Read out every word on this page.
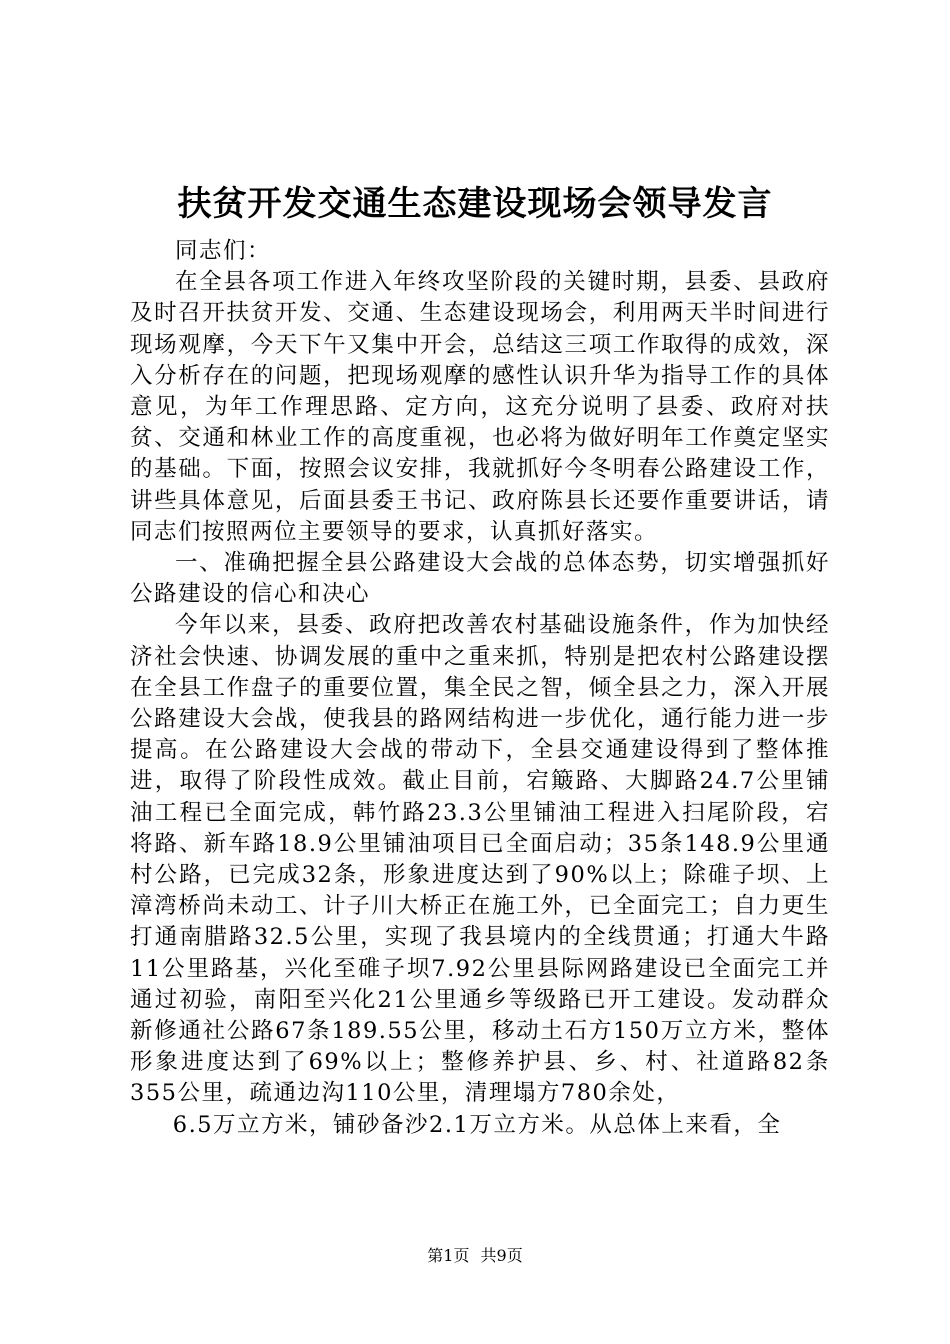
扶贫开发交通生态建设现场会领导发言

同志们：

在全县各项工作进入年终攻坚阶段的关键时期，县委、县政府及时召开扶贫开发、交通、生态建设现场会，利用两天半时间进行现场观摩，今天下午又集中开会，总结这三项工作取得的成效，深入分析存在的问题，把现场观摩的感性认识升华为指导工作的具体意见，为年工作理思路、定方向，这充分说明了县委、政府对扶贫、交通和林业工作的高度重视，也必将为做好明年工作奠定坚实的基础。下面，按照会议安排，我就抓好今冬明春公路建设工作，讲些具体意见，后面县委王书记、政府陈县长还要作重要讲话，请同志们按照两位主要领导的要求，认真抓好落实。

一、准确把握全县公路建设大会战的总体态势，切实增强抓好公路建设的信心和决心

今年以来，县委、政府把改善农村基础设施条件，作为加快经济社会快速、协调发展的重中之重来抓，特别是把农村公路建设摆在全县工作盘子的重要位置，集全民之智，倾全县之力，深入开展公路建设大会战，使我县的路网结构进一步优化，通行能力进一步提高。在公路建设大会战的带动下，全县交通建设得到了整体推进，取得了阶段性成效。截止目前，宕簸路、大脚路24.7公里铺油工程已全面完成，韩竹路23.3公里铺油工程进入扫尾阶段，宕将路、新车路18.9公里铺油项目已全面启动；35条148.9公里通村公路，已完成32条，形象进度达到了90%以上；除碓子坝、上漳湾桥尚未动工、计子川大桥正在施工外，已全面完工；自力更生打通南腊路32.5公里，实现了我县境内的全线贯通；打通大牛路11公里路基，兴化至碓子坝7.92公里县际网路建设已全面完工并通过初验，南阳至兴化21公里通乡等级路已开工建设。发动群众新修通社公路67条189.55公里，移动土石方150万立方米，整体形象进度达到了69%以上；整修养护县、乡、村、社道路82条355公里，疏通边沟110公里，清理塌方780余处，

6.5万立方米，铺砂备沙2.1万立方米。从总体上来看，全

第1页 共9页
